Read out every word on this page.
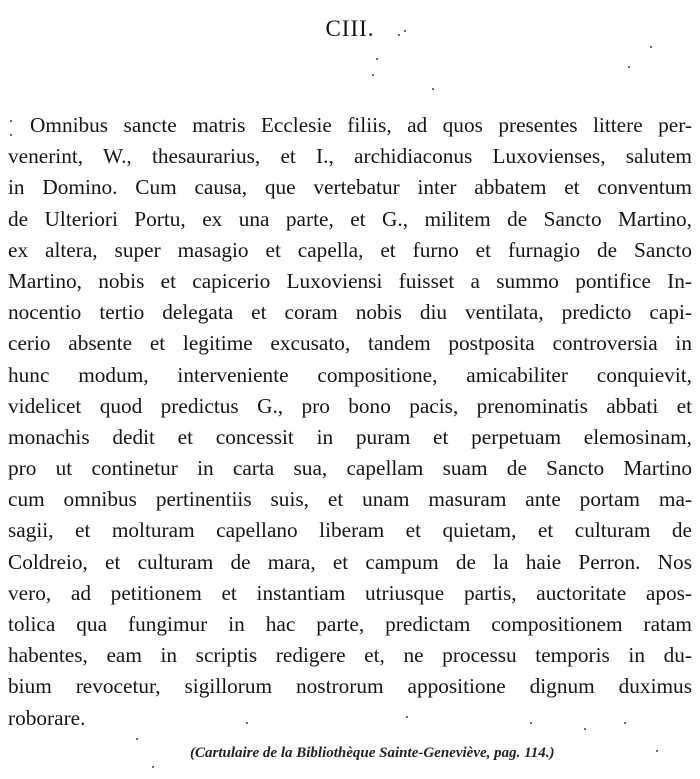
CIII.
Omnibus sancte matris Ecclesie filiis, ad quos presentes littere per-
venerint, W., thesaurarius, et I., archidiaconus Luxovienses, salutem
in Domino. Cum causa, que vertebatur inter abbatem et conventum
de Ulteriori Portu, ex una parte, et G., militem de Sancto Martino,
ex altera, super masagio et capella, et furno et furnagio de Sancto
Martino, nobis et capicerio Luxoviensi fuisset a summo pontifice In-
nocentio tertio delegata et coram nobis diu ventilata, predicto capi-
cerio absente et legitime excusato, tandem postposita controversia in
hunc modum, interveniente compositione, amicabiliter conquievit,
videlicet quod predictus G., pro bono pacis, prenominatis abbati et
monachis dedit et concessit in puram et perpetuam elemosinam,
pro ut continetur in carta sua, capellam suam de Sancto Martino
cum omnibus pertinentiis suis, et unam masuram ante portam ma-
sagii, et molturam capellano liberam et quietam, et culturam de
Coldreio, et culturam de mara, et campum de la haie Perron. Nos
vero, ad petitionem et instantiam utriusque partis, auctoritate apos-
tolica qua fungimur in hac parte, predictam compositionem ratam
habentes, eam in scriptis redigere et, ne processu temporis in du-
bium revocetur, sigillorum nostrorum appositione dignum duximus
roborare.
(Cartulaire de la Bibliothèque Sainte-Geneviève, pag. 114.)
